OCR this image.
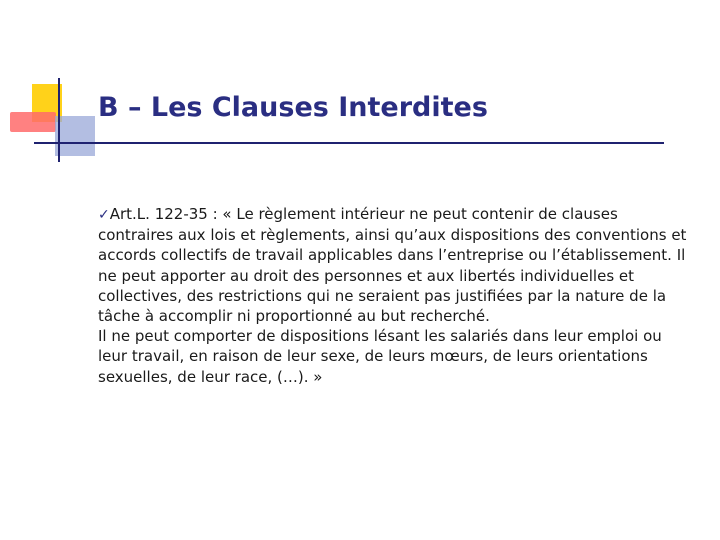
B – Les Clauses Interdites

✓Art.L. 122-35 : « Le règlement intérieur ne peut contenir de clauses contraires aux lois et règlements, ainsi qu’aux dispositions des conventions et accords collectifs de travail applicables dans l’entreprise ou l’établissement. Il ne peut apporter au droit des personnes et aux libertés individuelles et collectives, des restrictions qui ne seraient pas justifiées par la nature de la tâche à accomplir ni proportionné au but recherché.

Il ne peut comporter de dispositions lésant les salariés dans leur emploi ou leur travail, en raison de leur sexe, de leurs mœurs, de leurs orientations sexuelles, de leur race, (…). »
